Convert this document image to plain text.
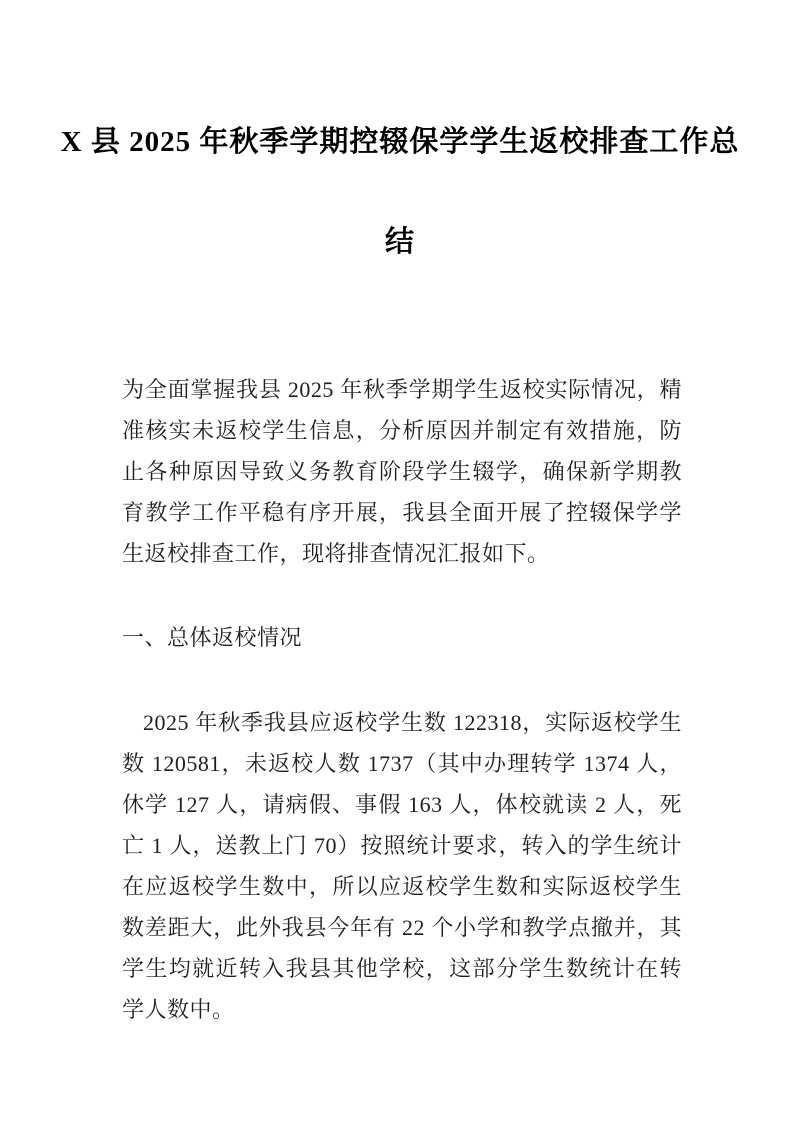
X 县 2025 年秋季学期控辍保学学生返校排查工作总
结
为全面掌握我县 2025 年秋季学期学生返校实际情况，精准核实未返校学生信息，分析原因并制定有效措施，防止各种原因导致义务教育阶段学生辍学，确保新学期教育教学工作平稳有序开展，我县全面开展了控辍保学学生返校排查工作，现将排查情况汇报如下。
一、总体返校情况
2025 年秋季我县应返校学生数 122318，实际返校学生数 120581，未返校人数 1737（其中办理转学 1374 人，休学 127 人，请病假、事假 163 人，体校就读 2 人，死亡 1 人，送教上门 70）按照统计要求，转入的学生统计在应返校学生数中，所以应返校学生数和实际返校学生数差距大，此外我县今年有 22 个小学和教学点撤并，其学生均就近转入我县其他学校，这部分学生数统计在转学人数中。
